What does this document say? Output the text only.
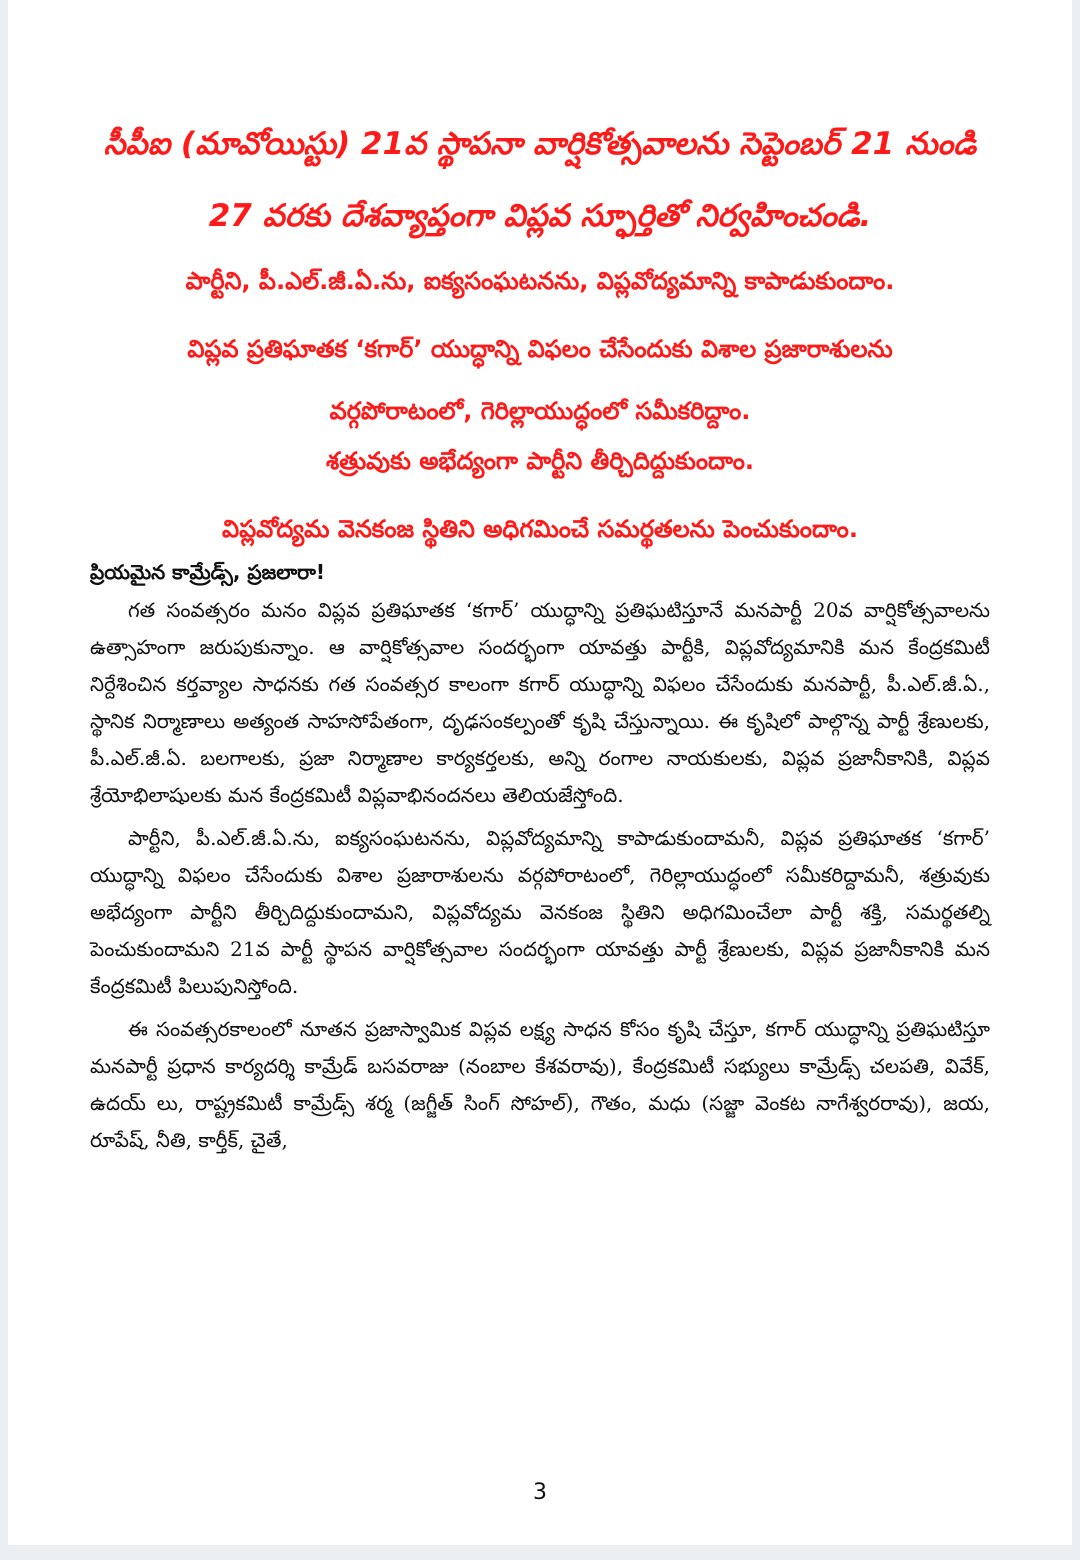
సీపీఐ (మావోయిస్టు) 21వ స్థాపనా వార్షికోత్సవాలను సెప్టెంబర్ 21 నుండి 27 వరకు దేశవ్యాప్తంగా విప్లవ స్ఫూర్తితో నిర్వహించండి.

పార్టీని, పీ.ఎల్.జీ.ఏ.ను, ఐక్యసంఘటనను, విప్లవోద్యమాన్ని కాపాడుకుందాం.

విప్లవ ప్రతిఘాతక ‘కగార్’ యుద్ధాన్ని విఫలం చేసేందుకు విశాల ప్రజారాశులను

వర్గపోరాటంలో, గెరిల్లాయుద్ధంలో సమీకరిద్దాం.

శత్రువుకు అభేద్యంగా పార్టీని తీర్చిదిద్దుకుందాం.

విప్లవోద్యమ వెనకంజ స్థితిని అధిగమించే సమర్థతలను పెంచుకుందాం.

ప్రియమైన కామ్రేడ్స్, ప్రజలారా!

గత సంవత్సరం మనం విప్లవ ప్రతిఘాతక ‘కగార్’ యుద్ధాన్ని ప్రతిఘటిస్తూనే మనపార్టీ 20వ వార్షికోత్సవాలను ఉత్సాహంగా జరుపుకున్నాం. ఆ వార్షికోత్సవాల సందర్భంగా యావత్తు పార్టీకి, విప్లవోద్యమానికి మన కేంద్రకమిటీ నిర్దేశించిన కర్తవ్యాల సాధనకు గత సంవత్సర కాలంగా కగార్ యుద్ధాన్ని విఫలం చేసేందుకు మనపార్టీ, పీ.ఎల్.జీ.ఏ., స్థానిక నిర్మాణాలు అత్యంత సాహసోపేతంగా, దృఢసంకల్పంతో కృషి చేస్తున్నాయి. ఈ కృషిలో పాల్గొన్న పార్టీ శ్రేణులకు, పీ.ఎల్.జీ.ఏ. బలగాలకు, ప్రజా నిర్మాణాల కార్యకర్తలకు, అన్ని రంగాల నాయకులకు, విప్లవ ప్రజానీకానికి, విప్లవ శ్రేయోభిలాషులకు మన కేంద్రకమిటీ విప్లవాభినందనలు తెలియజేస్తోంది.

పార్టీని, పీ.ఎల్.జీ.ఏ.ను, ఐక్యసంఘటనను, విప్లవోద్యమాన్ని కాపాడుకుందామనీ, విప్లవ ప్రతిఘాతక ‘కగార్’ యుద్ధాన్ని విఫలం చేసేందుకు విశాల ప్రజారాశులను వర్గపోరాటంలో, గెరిల్లాయుద్ధంలో సమీకరిద్దామనీ, శత్రువుకు అభేద్యంగా పార్టీని తీర్చిదిద్దుకుందామని, విప్లవోద్యమ వెనకంజ స్థితిని అధిగమించేలా పార్టీ శక్తి, సమర్థతల్ని పెంచుకుందామని 21వ పార్టీ స్థాపన వార్షికోత్సవాల సందర్భంగా యావత్తు పార్టీ శ్రేణులకు, విప్లవ ప్రజానీకానికి మన కేంద్రకమిటీ పిలుపునిస్తోంది.

ఈ సంవత్సరకాలంలో నూతన ప్రజాస్వామిక విప్లవ లక్ష్య సాధన కోసం కృషి చేస్తూ, కగార్ యుద్ధాన్ని ప్రతిఘటిస్తూ మనపార్టీ ప్రధాన కార్యదర్శి కామ్రేడ్ బసవరాజు (నంబాల కేశవరావు), కేంద్రకమిటీ సభ్యులు కామ్రేడ్స్ చలపతి, వివేక్, ఉదయ్ లు, రాష్ట్రకమిటీ కామ్రేడ్స్ శర్మ (జగ్జీత్ సింగ్ సోహల్), గౌతం, మధు (సజ్జా వెంకట నాగేశ్వరరావు), జయ, రూపేష్, నీతి, కార్తీక్, చైతే,

3
